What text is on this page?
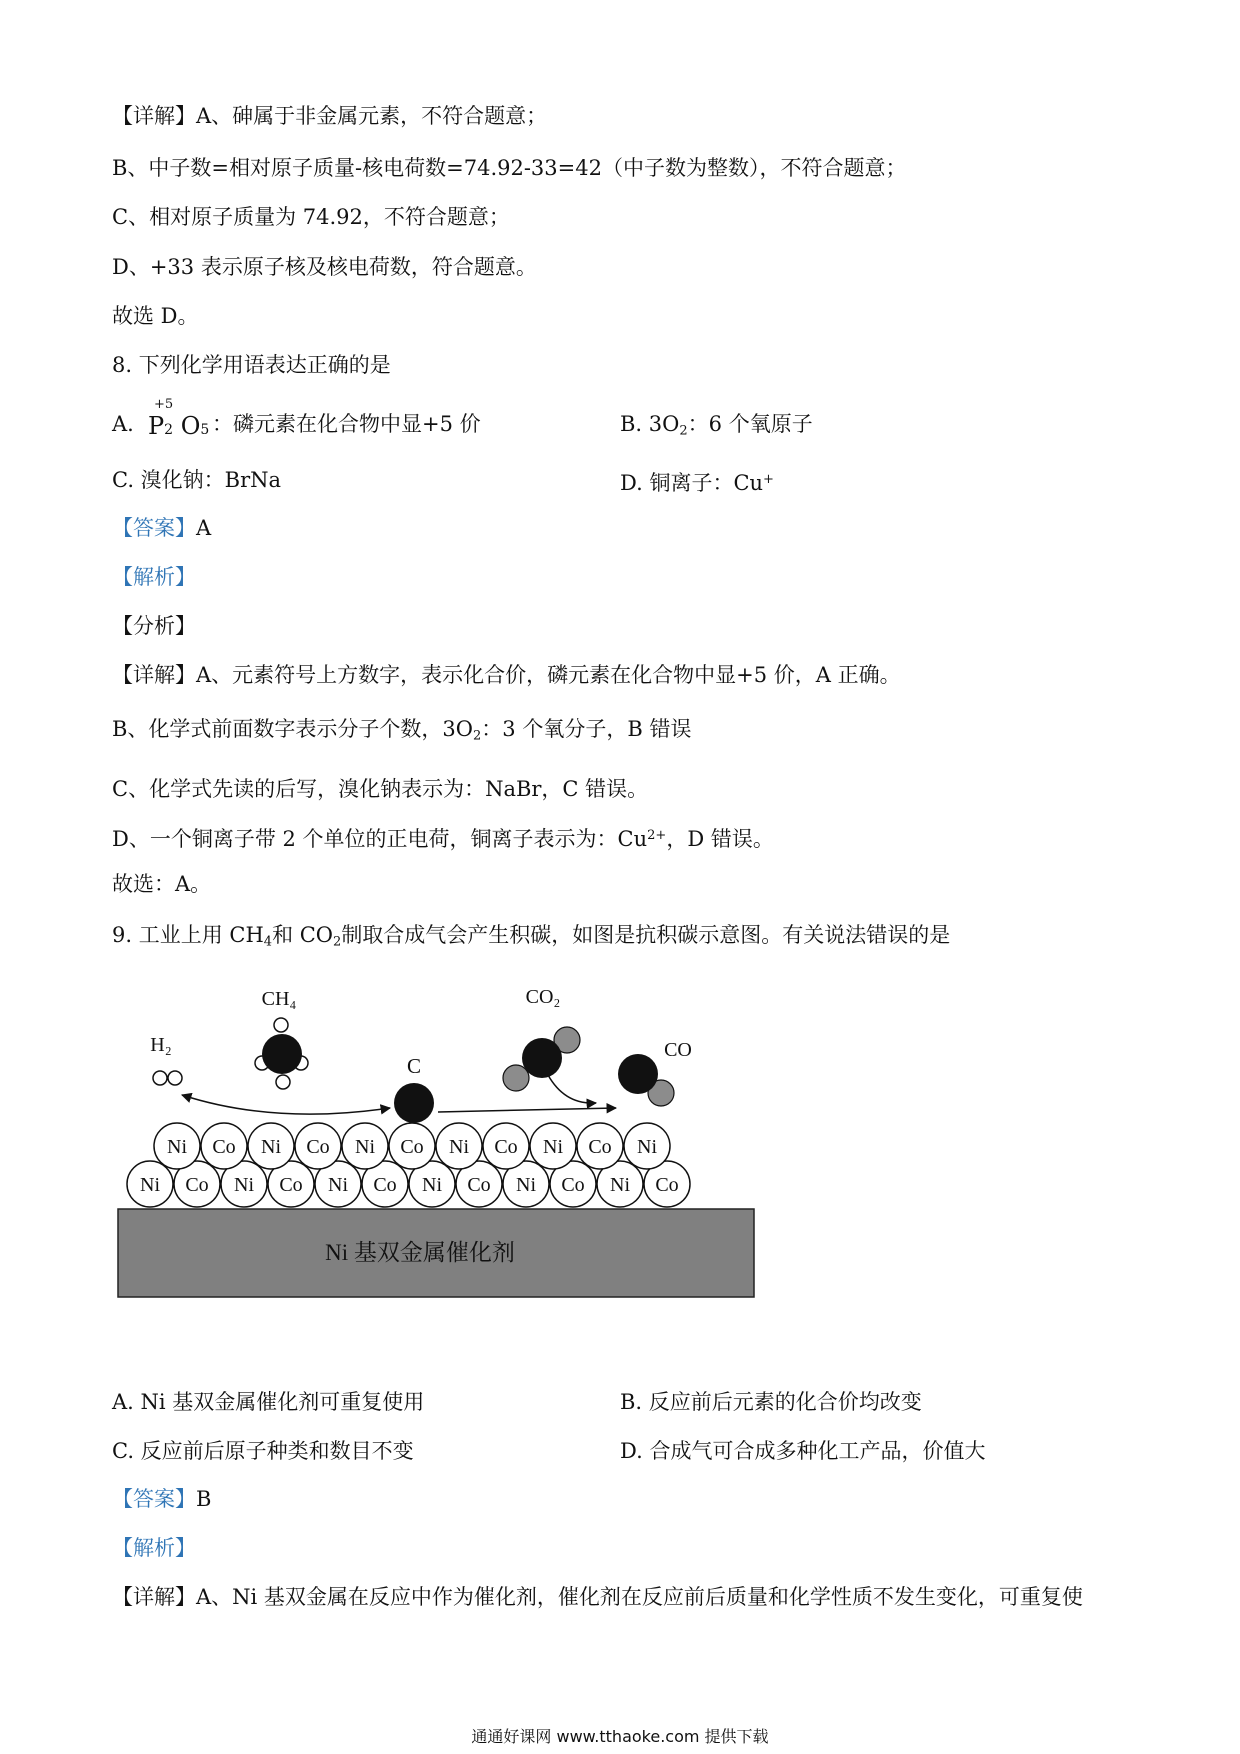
【详解】A、砷属于非金属元素，不符合题意；
B、中子数=相对原子质量-核电荷数=74.92-33=42（中子数为整数），不符合题意；
C、相对原子质量为 74.92，不符合题意；
D、+33 表示原子核及核电荷数，符合题意。
故选 D。
8. 下列化学用语表达正确的是
A.
+5
P2 O5 ：磷元素在化合物中显+5 价	B. $3O_2$：6 个氧原子
C. 溴化钠：BrNa	D. 铜离子：Cu+
【答案】A
【解析】
【分析】
【详解】A、元素符号上方数字，表示化合价，磷元素在化合物中显+5 价，A 正确。
B、化学式前面数字表示分子个数，$3O_2$：3 个氧分子，B 错误
C、化学式先读的后写，溴化钠表示为：NaBr，C 错误。
D、一个铜离子带 2 个单位的正电荷，铜离子表示为：$Cu^{2+}$，D 错误。
故选：A。
9. 工业上用 $CH_4$和 $CO_2$制取合成气会产生积碳，如图是抗积碳示意图。有关说法错误的是
Ni 基双金属催化剂
Ni Co Ni Co Ni Co Ni Co Ni Co Ni Co
Ni Co Ni Co Ni Co Ni Co Ni Co Ni
CH₄
H₂
C
CO₂
CO
A. Ni 基双金属催化剂可重复使用	B. 反应前后元素的化合价均改变
C. 反应前后原子种类和数目不变	D. 合成气可合成多种化工产品，价值大
【答案】B
【解析】
【详解】A、Ni 基双金属在反应中作为催化剂，催化剂在反应前后质量和化学性质不发生变化，可重复使
通通好课网 www.tthaoke.com 提供下载
